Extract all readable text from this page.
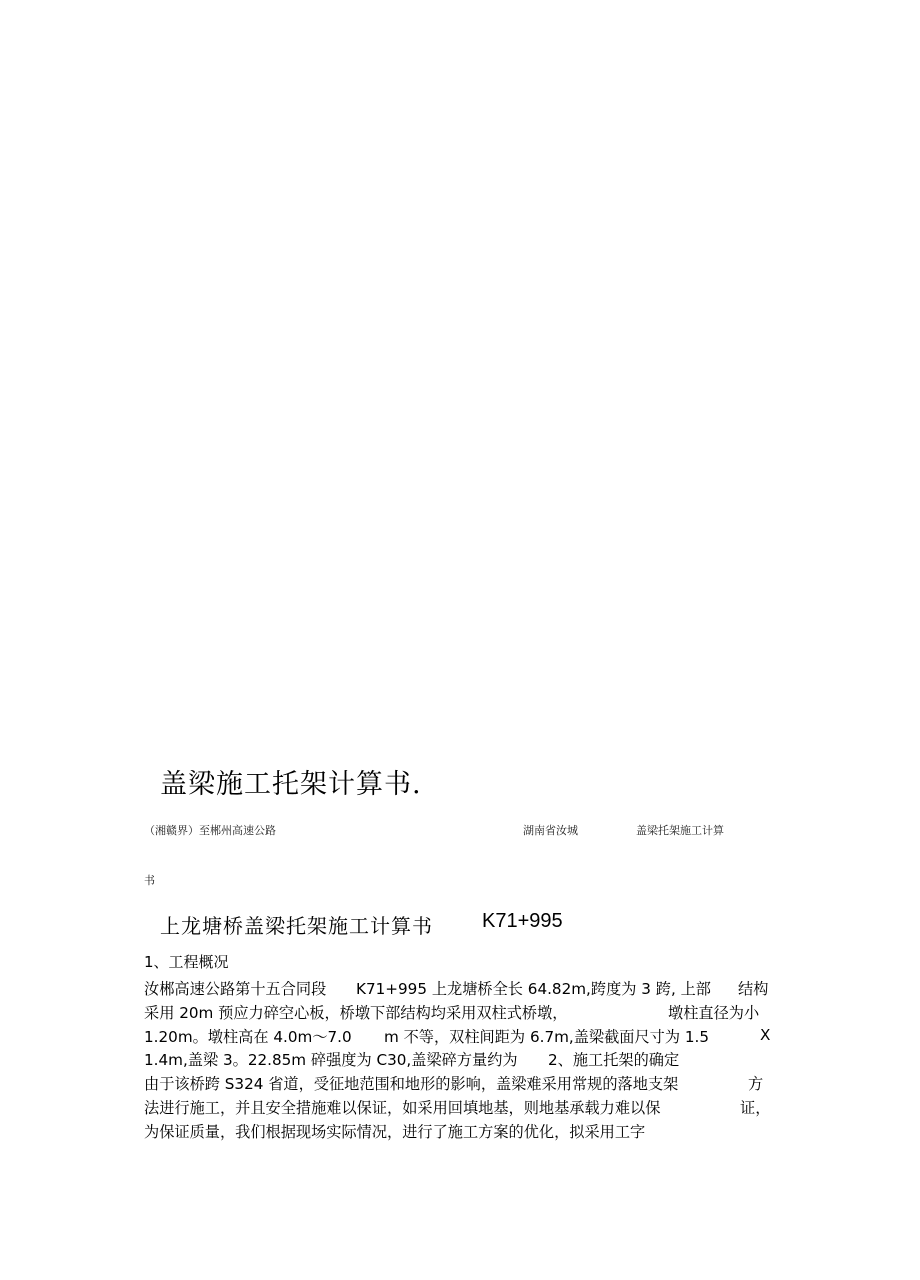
盖梁施工托架计算书.
（湘赣界）至郴州高速公路	湖南省汝城	盖梁托架施工计算
书
上龙塘桥盖梁托架施工计算书 K71+995
1、工程概况
汝郴高速公路第十五合同段 K71+995 上龙塘桥全长 64.82m,跨度为 3 跨, 上部 结构
采用 20m 预应力碎空心板，桥墩下部结构均采用双柱式桥墩，	墩柱直径为小
1.20m。墩柱高在 4.0m〜7.0 m 不等，双柱间距为 6.7m,盖梁截面尺寸为 1.5	X
1.4m,盖梁 3。22.85m 碎强度为 C30,盖梁碎方量约为 2、施工托架的确定
由于该桥跨 S324 省道，受征地范围和地形的影响，盖梁难采用常规的落地支架	方
法进行施工，并且安全措施难以保证，如采用回填地基，则地基承载力难以保	证，
为保证质量，我们根据现场实际情况，进行了施工方案的优化，拟采用工字
